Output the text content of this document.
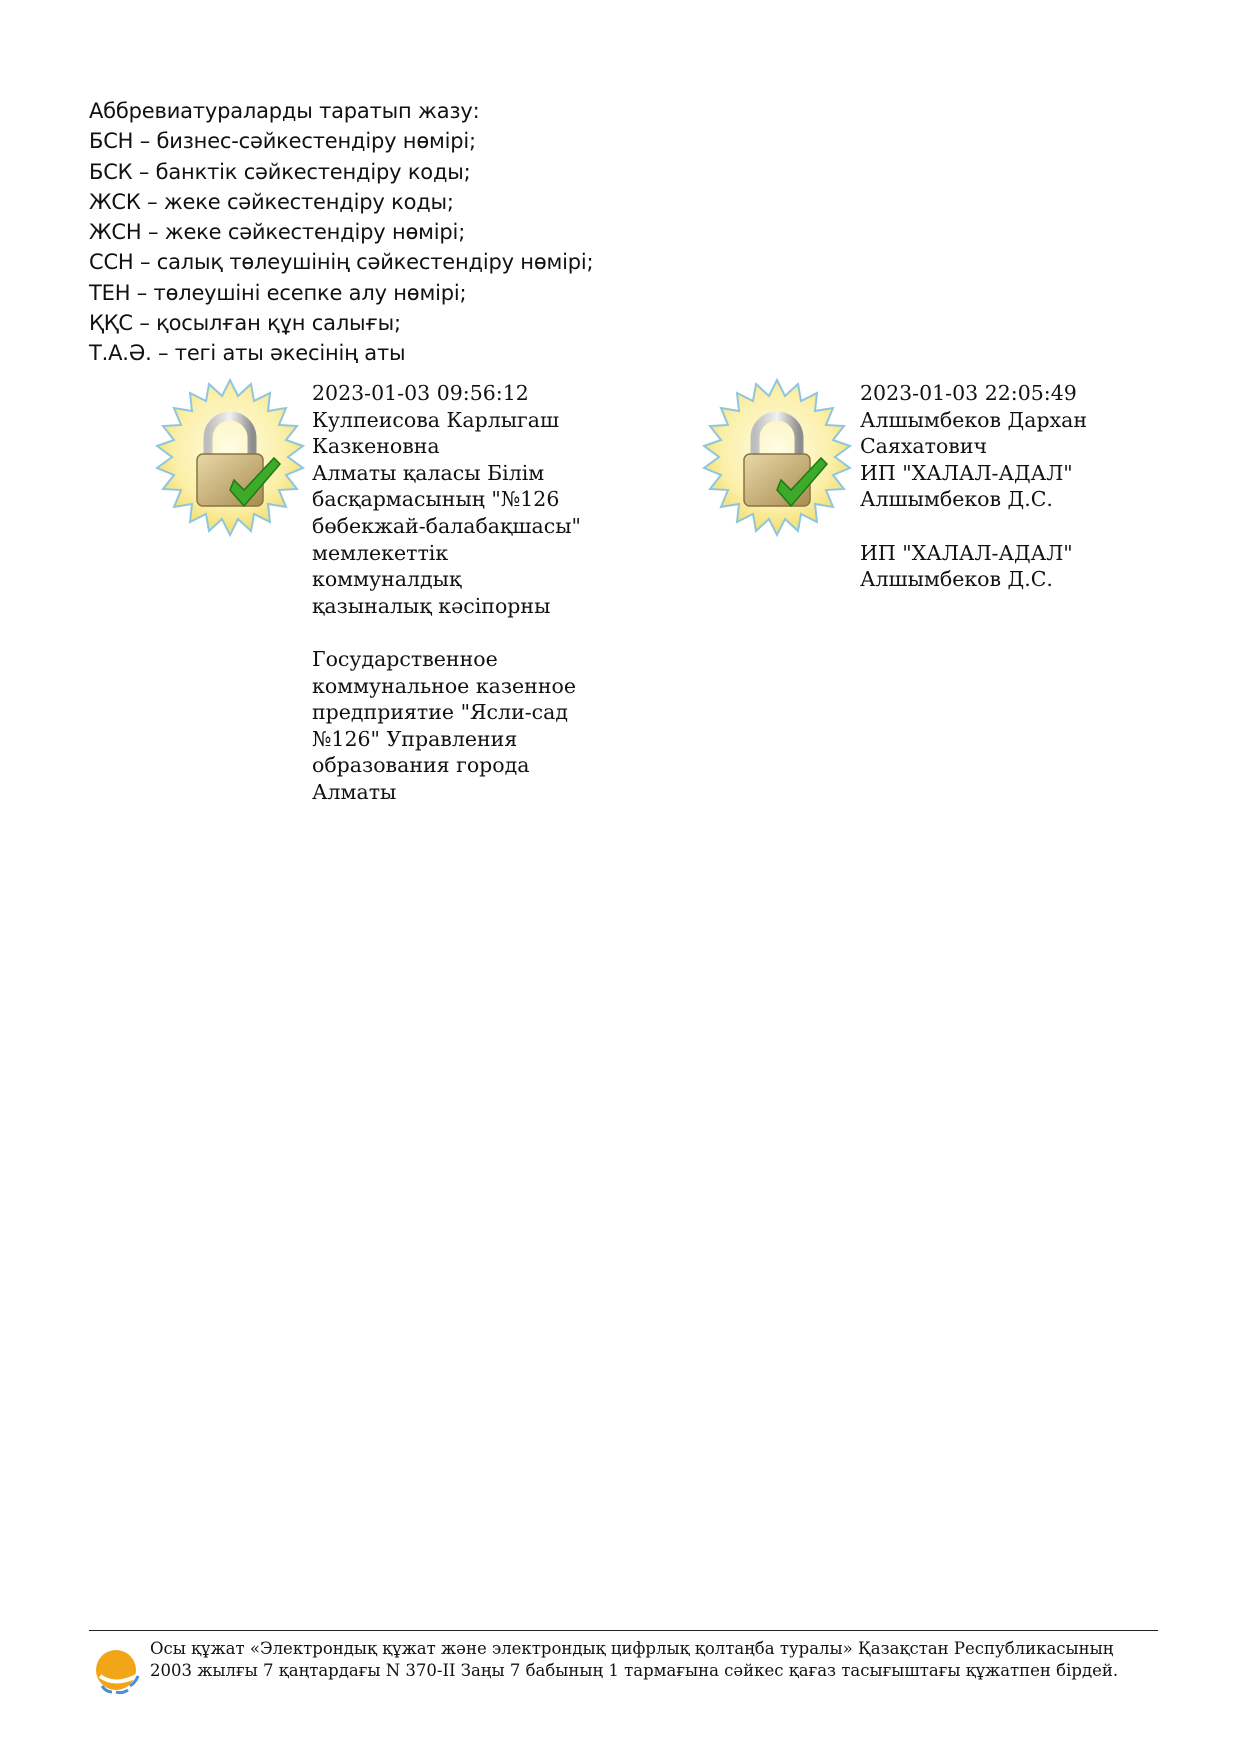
Аббревиатураларды таратып жазу:
БСН – бизнес-сәйкестендіру нөмірі;
БСК – банктік сәйкестендіру коды;
ЖСК – жеке сәйкестендіру коды;
ЖСН – жеке сәйкестендіру нөмірі;
ССН – салық төлеушінің сәйкестендіру нөмірі;
ТЕН – төлеушіні есепке алу нөмірі;
ҚҚС – қосылған құн салығы;
Т.А.Ә. – тегі аты әкесінің аты
2023-01-03 09:56:12
Кулпеисова Карлыгаш
Казкеновна
Алматы қаласы Білім
басқармасының "№126
бөбекжай-балабақшасы"
мемлекеттік
коммуналдық
қазыналық кәсіпорны

Государственное
коммунальное казенное
предприятие "Ясли-сад
№126" Управления
образования города
Алматы
2023-01-03 22:05:49
Алшымбеков Дархан
Саяхатович
ИП "ХАЛАЛ-АДАЛ"
Алшымбеков Д.С.

ИП "ХАЛАЛ-АДАЛ"
Алшымбеков Д.С.
Осы құжат «Электрондық құжат және электрондық цифрлық қолтаңба туралы» Қазақстан Республикасының 2003 жылғы 7 қаңтардағы N 370-II Заңы 7 бабының 1 тармағына сәйкес қағаз тасығыштағы құжатпен бірдей.
